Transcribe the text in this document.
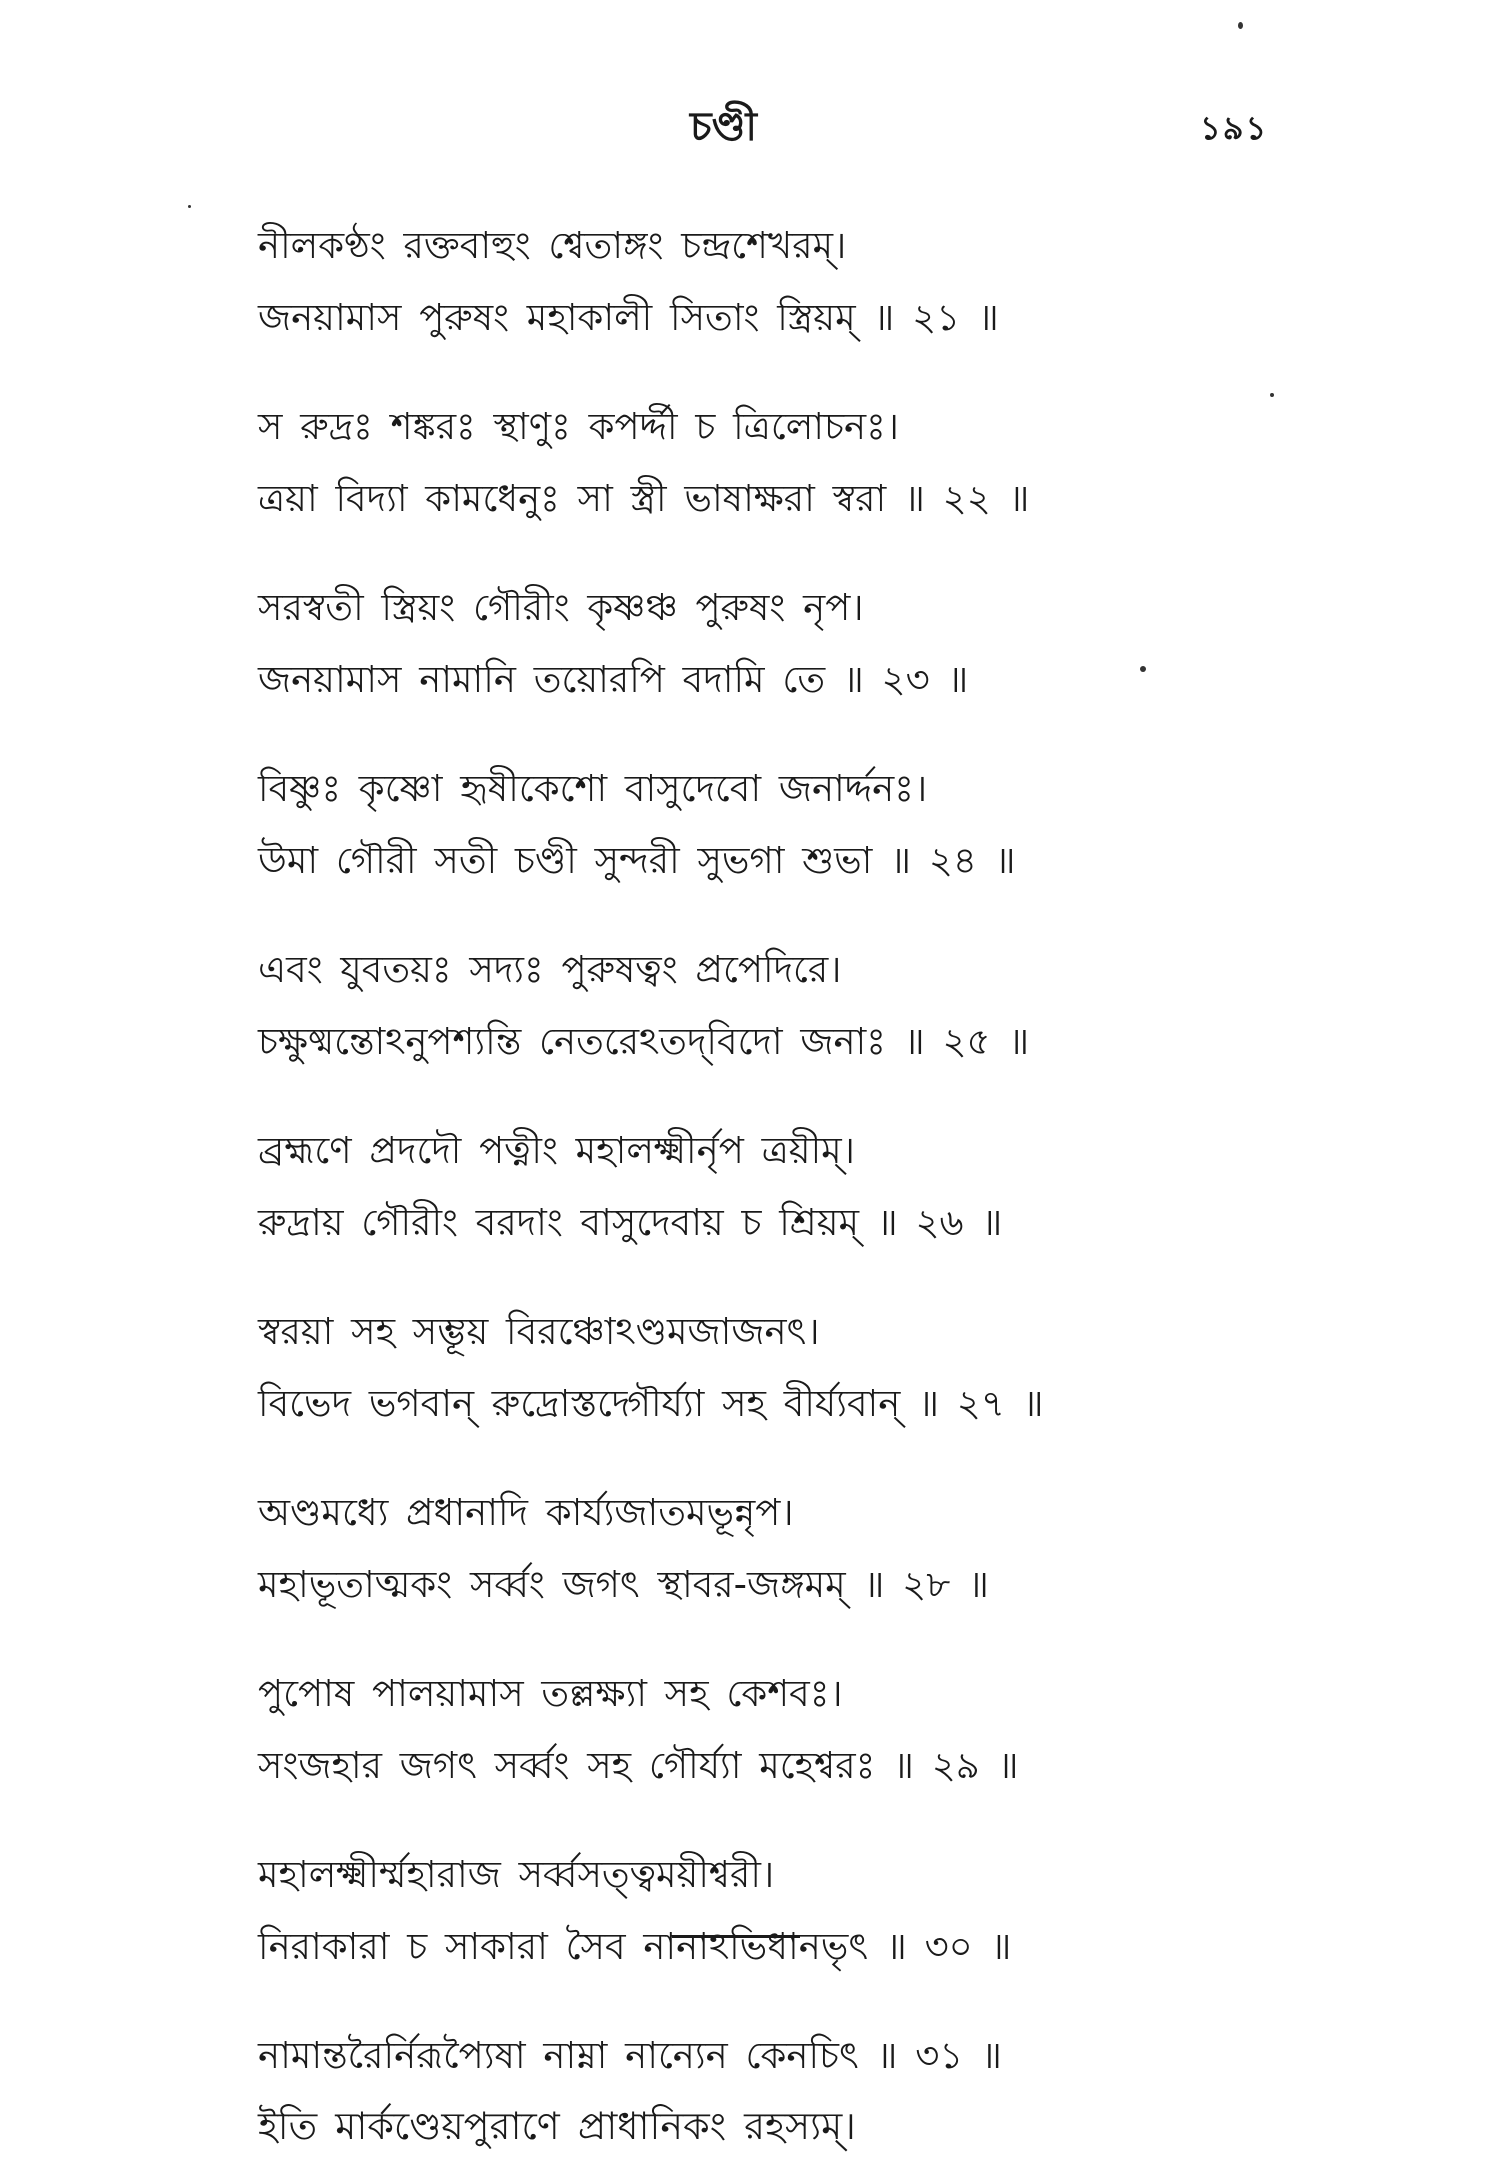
চণ্ডী	১৯১
নীলকণ্ঠং রক্তবাহুং শ্বেতাঙ্গং চন্দ্রশেখরম্।
জনয়ামাস পুরুষং মহাকালী সিতাং স্ত্রিয়ম্ ॥ ২১ ॥
স রুদ্রঃ শঙ্করঃ স্থাণুঃ কপর্দ্দী চ ত্রিলোচনঃ।
ত্রয়া বিদ্যা কামধেনুঃ সা স্ত্রী ভাষাক্ষরা স্বরা ॥ ২২ ॥
সরস্বতী স্ত্রিয়ং গৌরীং কৃষ্ণঞ্চ পুরুষং নৃপ।
জনয়ামাস নামানি তয়োরপি বদামি তে ॥ ২৩ ॥
বিষ্ণুঃ কৃষ্ণো হৃষীকেশো বাসুদেবো জনার্দ্দনঃ।
উমা গৌরী সতী চণ্ডী সুন্দরী সুভগা শুভা ॥ ২৪ ॥
এবং যুবতয়ঃ সদ্যঃ পুরুষত্বং প্রপেদিরে।
চক্ষুষ্মন্তোঽনুপশ্যন্তি নেতরেঽতদ্‌বিদো জনাঃ ॥ ২৫ ॥
ব্রহ্মণে প্রদদৌ পত্নীং মহালক্ষ্মীর্নৃপ ত্রয়ীম্।
রুদ্রায় গৌরীং বরদাং বাসুদেবায় চ শ্রিয়ম্ ॥ ২৬ ॥
স্বরয়া সহ সম্ভূয় বিরঞ্চোঽণ্ডমজাজনৎ।
বিভেদ ভগবান্ রুদ্রোস্তদ্গৌর্য্যা সহ বীর্য্যবান্ ॥ ২৭ ॥
অণ্ডমধ্যে প্রধানাদি কার্য্যজাতমভূন্নৃপ।
মহাভূতাত্মকং সর্ব্বং জগৎ স্থাবর-জঙ্গমম্ ॥ ২৮ ॥
পুপোষ পালয়ামাস তল্লক্ষ্যা সহ কেশবঃ।
সংজহার জগৎ সর্ব্বং সহ গৌর্য্যা মহেশ্বরঃ ॥ ২৯ ॥
মহালক্ষ্মীর্ম্মহারাজ সর্ব্বসত্ত্বময়ীশ্বরী।
নিরাকারা চ সাকারা সৈব নানাঽভিধানভৃৎ ॥ ৩০ ॥
নামান্তরৈর্নিরূপ্যৈষা নাম্না নান্যেন কেনচিৎ ॥ ৩১ ॥
ইতি মার্কণ্ডেয়পুরাণে প্রাধানিকং রহস্যম্।
